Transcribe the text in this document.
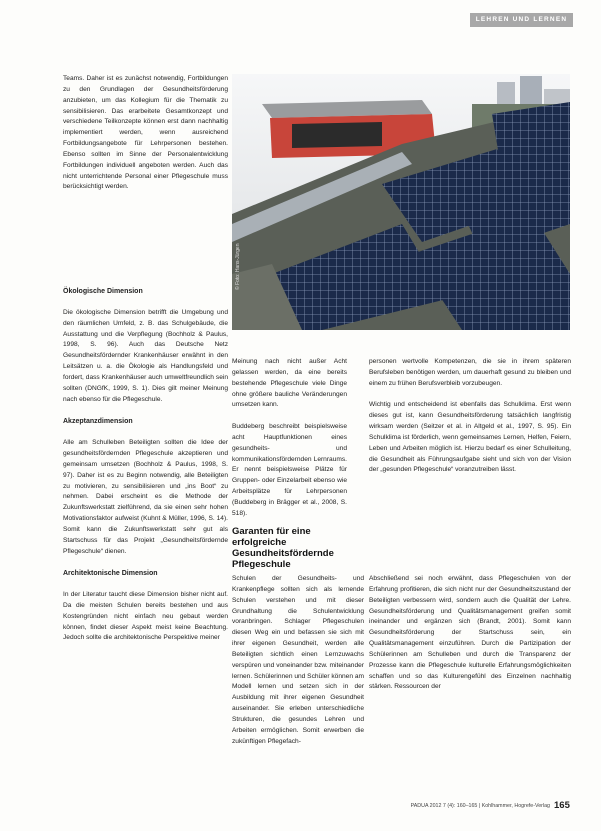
LEHREN UND LERNEN
© Foto: Hans-Jürgen

Teams. Daher ist es zunächst notwendig, Fortbildungen zu den Grundlagen der Gesundheitsförderung anzubieten, um das Kollegium für die Thematik zu sensibilisieren. Das erarbeitete Gesamtkonzept und verschiedene Teilkonzepte können erst dann nachhaltig implementiert werden, wenn ausreichend Fortbildungsangebote für Lehrpersonen bestehen. Ebenso sollten im Sinne der Personalentwicklung Fortbildungen individuell angeboten werden. Auch das nicht unterrichtende Personal einer Pflegeschule muss berücksichtigt werden.

Ökologische Dimension

Die ökologische Dimension betrifft die Umgebung und den räumlichen Umfeld, z. B. das Schulgebäude, die Ausstattung und die Verpflegung (Bochholz & Paulus, 1998, S. 96). Auch das Deutsche Netz Gesundheitsfördernder Krankenhäuser erwähnt in den Leitsätzen u. a. die Ökologie als Handlungsfeld und fordert, dass Krankenhäuser auch umweltfreundlich sein sollten (DNGfK, 1999, S. 1). Dies gilt meiner Meinung nach ebenso für die Pflegeschule.

Akzeptanzdimension

Alle am Schulleben Beteiligten sollten die Idee der gesundheitsfördernden Pflegeschule akzeptieren und gemeinsam umsetzen (Bochholz & Paulus, 1998, S. 97). Daher ist es zu Beginn notwendig, alle Beteiligten zu motivieren, zu sensibilisieren und „ins Boot“ zu nehmen. Dabei erscheint es die Methode der Zukunftswerkstatt zielführend, da sie einen sehr hohen Motivationsfaktor aufweist (Kuhnt & Müller, 1996, S. 14). Somit kann die Zukunftswerkstatt sehr gut als Startschuss für das Projekt „Gesundheitsfördernde Pflegeschule“ dienen.

Architektonische Dimension

In der Literatur taucht diese Dimension bisher nicht auf. Da die meisten Schulen bereits bestehen und aus Kostengründen nicht einfach neu gebaut werden können, findet dieser Aspekt meist keine Beachtung. Jedoch sollte die architektonische Perspektive meiner

Meinung nach nicht außer Acht gelassen werden, da eine bereits bestehende Pflegeschule viele Dinge ohne größere bauliche Veränderungen umsetzen kann.

Buddeberg beschreibt beispielsweise acht Hauptfunktionen eines gesundheits- und kommunikationsfördernden Lernraums. Er nennt beispielsweise Plätze für Gruppen- oder Einzelarbeit ebenso wie Arbeitsplätze für Lehrpersonen (Buddeberg in Brägger et al., 2008, S. 518).

Garanten für eine erfolgreiche Gesundheitsfördernde Pflegeschule

Schulen der Gesundheits- und Krankenpflege sollten sich als lernende Schulen verstehen und mit dieser Grundhaltung die Schulentwicklung voranbringen. Schlager Pflegeschulen diesen Weg ein und befassen sie sich mit ihrer eigenen Gesundheit, werden alle Beteiligten sichtlich einen Lernzuwachs verspüren und voneinander bzw. miteinander lernen. Schülerinnen und Schüler können am Modell lernen und setzen sich in der Ausbildung mit ihrer eigenen Gesundheit auseinander. Sie erleben unterschiedliche Strukturen, die gesundes Lehren und Arbeiten ermöglichen. Somit erwerben die zukünftigen Pflegefach-

personen wertvolle Kompetenzen, die sie in ihrem späteren Berufsleben benötigen werden, um dauerhaft gesund zu bleiben und einem zu frühen Berufsverbleib vorzubeugen.

Wichtig und entscheidend ist ebenfalls das Schulklima. Erst wenn dieses gut ist, kann Gesundheitsförderung tatsächlich langfristig wirksam werden (Seitzer et al. in Altgeld et al., 1997, S. 95). Ein Schulklima ist förderlich, wenn gemeinsames Lernen, Helfen, Feiern, Leben und Arbeiten möglich ist. Hierzu bedarf es einer Schulleitung, die Gesundheit als Führungsaufgabe sieht und sich von der Vision der „gesunden Pflegeschule“ voranzutreiben lässt.

Abschließend sei noch erwähnt, dass Pflegeschulen von der Erfahrung profitieren, die sich nicht nur der Gesundheitszustand der Beteiligten verbessern wird, sondern auch die Qualität der Lehre. Gesundheitsförderung und Qualitätsmanagement greifen somit ineinander und ergänzen sich (Brandt, 2001). Somit kann Gesundheitsförderung der Startschuss sein, ein Qualitätsmanagement einzuführen. Durch die Partizipation der Schülerinnen am Schulleben und durch die Transparenz der Prozesse kann die Pflegeschule kulturelle Erfahrungsmöglichkeiten schaffen und so das Kulturengefühl des Einzelnen nachhaltig stärken. Ressourcen der

PADUA 2012 7 (4): 160–165 | Kohlhammer, Hogrefe-Verlag 165
